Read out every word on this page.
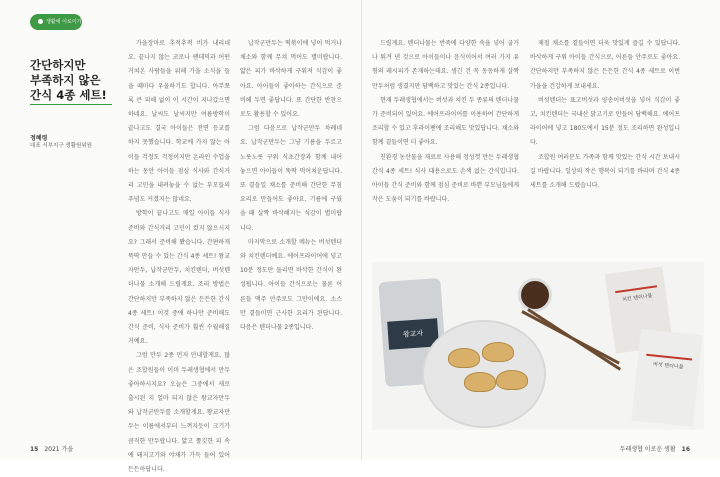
생활에 이로이기
간단하지만
부족하지 않은
간식 4종 세트!
정혜령
대표 서부지구 생활원위원

가을장마로 추적추적 비가 내리네요. 끝나지 않는 코로나 팬데믹과 어떤 거쳐온 사람들을 위해 가을 소식을 들을 때마다 우울하기도 합니다. 아무쪼록 큰 피해 없이 이 시간이 지나갔으면 하네요. 날씨도 날씨지만 여름방학이 끝나고도 결국 아이들은 전면 등교를 하지 못했습니다. 학교에 가지 않는 아이들 걱정도 걱정이지만 온라인 수업을 하는 동안 아이들 점심 식사와 간식거리 고민을 내려놓을 수 없는 부모들의 푸념도 커졌지는 않네요.

방학이 끝나고도 매일 아이들 식사 준비와 간식거리 고민이 컸지 않으시지요? 그래서 준비해 봤습니다. 간편하게 뚝딱 만들 수 있는 간식 4종 세트! 왕교자만두, 납작군만두, 치킨텐더, 버섯텐더나물 소개해 드릴게요. 조리 방법은 간단하지만 부족하지 않은 든든한 간식 4종 세트! 이것 중에 하나만 준비해도 간식 준비, 식사 준비가 훨씬 수월해질 거예요.

그럼 만두 2종 먼저 안내할게요. 많은 조합원들이 이미 두레생협에서 만두 좋아하시지요? 오늘은 그중에서 새로 출시된 지 얼마 되지 않은 왕교자만두와 납작군만두를 소개할게요. 왕교자만두는 이름에서부터 느껴지듯이 크기가 큼직한 만두랍니다. 얇고 쫄깃한 피 속에 돼지고기와 야채가 가득 들어 있어 든든하답니다.

납작군만두는 떡볶이에 넣어 먹거나 채소와 함께 무쳐 먹어도 별미랍니다. 얇은 피가 바삭하게 구워져 식감이 좋아요. 아이들이 좋아하는 간식으로 준비해 두면 좋답니다. 또 간단한 반찬으로도 활용할 수 있어요.

그럼 다음으로 납작군만두 차례네요. 납작군만두는 그냥 기름을 두르고 노릇노릇 구워 식초간장과 함께 내어 놓으면 아이들이 뚝딱 먹어치운답니다. 또 곁들일 채소를 준비해 간단한 무침 요리로 만들어도 좋아요. 기름에 구웠을 때 살짝 바삭해지는 식감이 별미랍니다.

마지막으로 소개할 메뉴는 버섯텐더와 치킨텐더예요. 에어프라이어에 넣고 10분 정도만 돌리면 바삭한 간식이 완성됩니다. 아이들 간식으로는 물론 어른들 맥주 안주로도 그만이에요. 소스만 곁들이면 근사한 요리가 된답니다. 다음은 텐더나물 2종입니다.

드릴게요. 텐더나물는 반죽에 다양한 속을 넣어 굽거나 튀겨 낸 것으로 아이들이나 음식이어서 여러 가지 유형의 레시피가 존재하는데요. 생긴 건 꼭 동동하게 살짝 만두처럼 생겼지만 담백하고 맛있는 간식 2종입니다.

현재 두레생협에서는 버섯과 치킨 두 종류의 텐더나물가 준비되어 있어요. 에어프라이어를 이용하여 간단하게 조리할 수 있고 후라이팬에 조리해도 맛있답니다. 채소와 함께 곁들이면 더 좋아요.

친환경 농산물을 재료로 사용해 정성껏 만든 두레생협 간식 4종 세트! 식사 대용으로도 손색 없는 간식입니다. 아이들 간식 준비와 함께 점심 준비로 바쁜 부모님들에게 작은 도움이 되기를 바랍니다.

제철 채소를 곁들이면 더욱 맛있게 즐길 수 있답니다. 바삭하게 구워 아이들 간식으로, 어른들 안주로도 좋아요. 간단하지만 부족하지 않은 든든한 간식 4종 세트로 이번 가을을 건강하게 보내세요.

버섯텐더는 표고버섯과 양송이버섯을 넣어 식감이 좋고, 치킨텐더는 국내산 닭고기로 만들어 담백해요. 에어프라이어에 넣고 180도에서 15분 정도 조리하면 완성입니다.

조합원 여러분도 가족과 함께 맛있는 간식 시간 보내시길 바랍니다. 일상의 작은 행복이 되기를 바라며 간식 4종 세트를 소개해 드렸습니다.

왕교자
치킨 텐더나물
버섯 텐더나물
15 2021 가을	두레생협 이로운 생활 16
